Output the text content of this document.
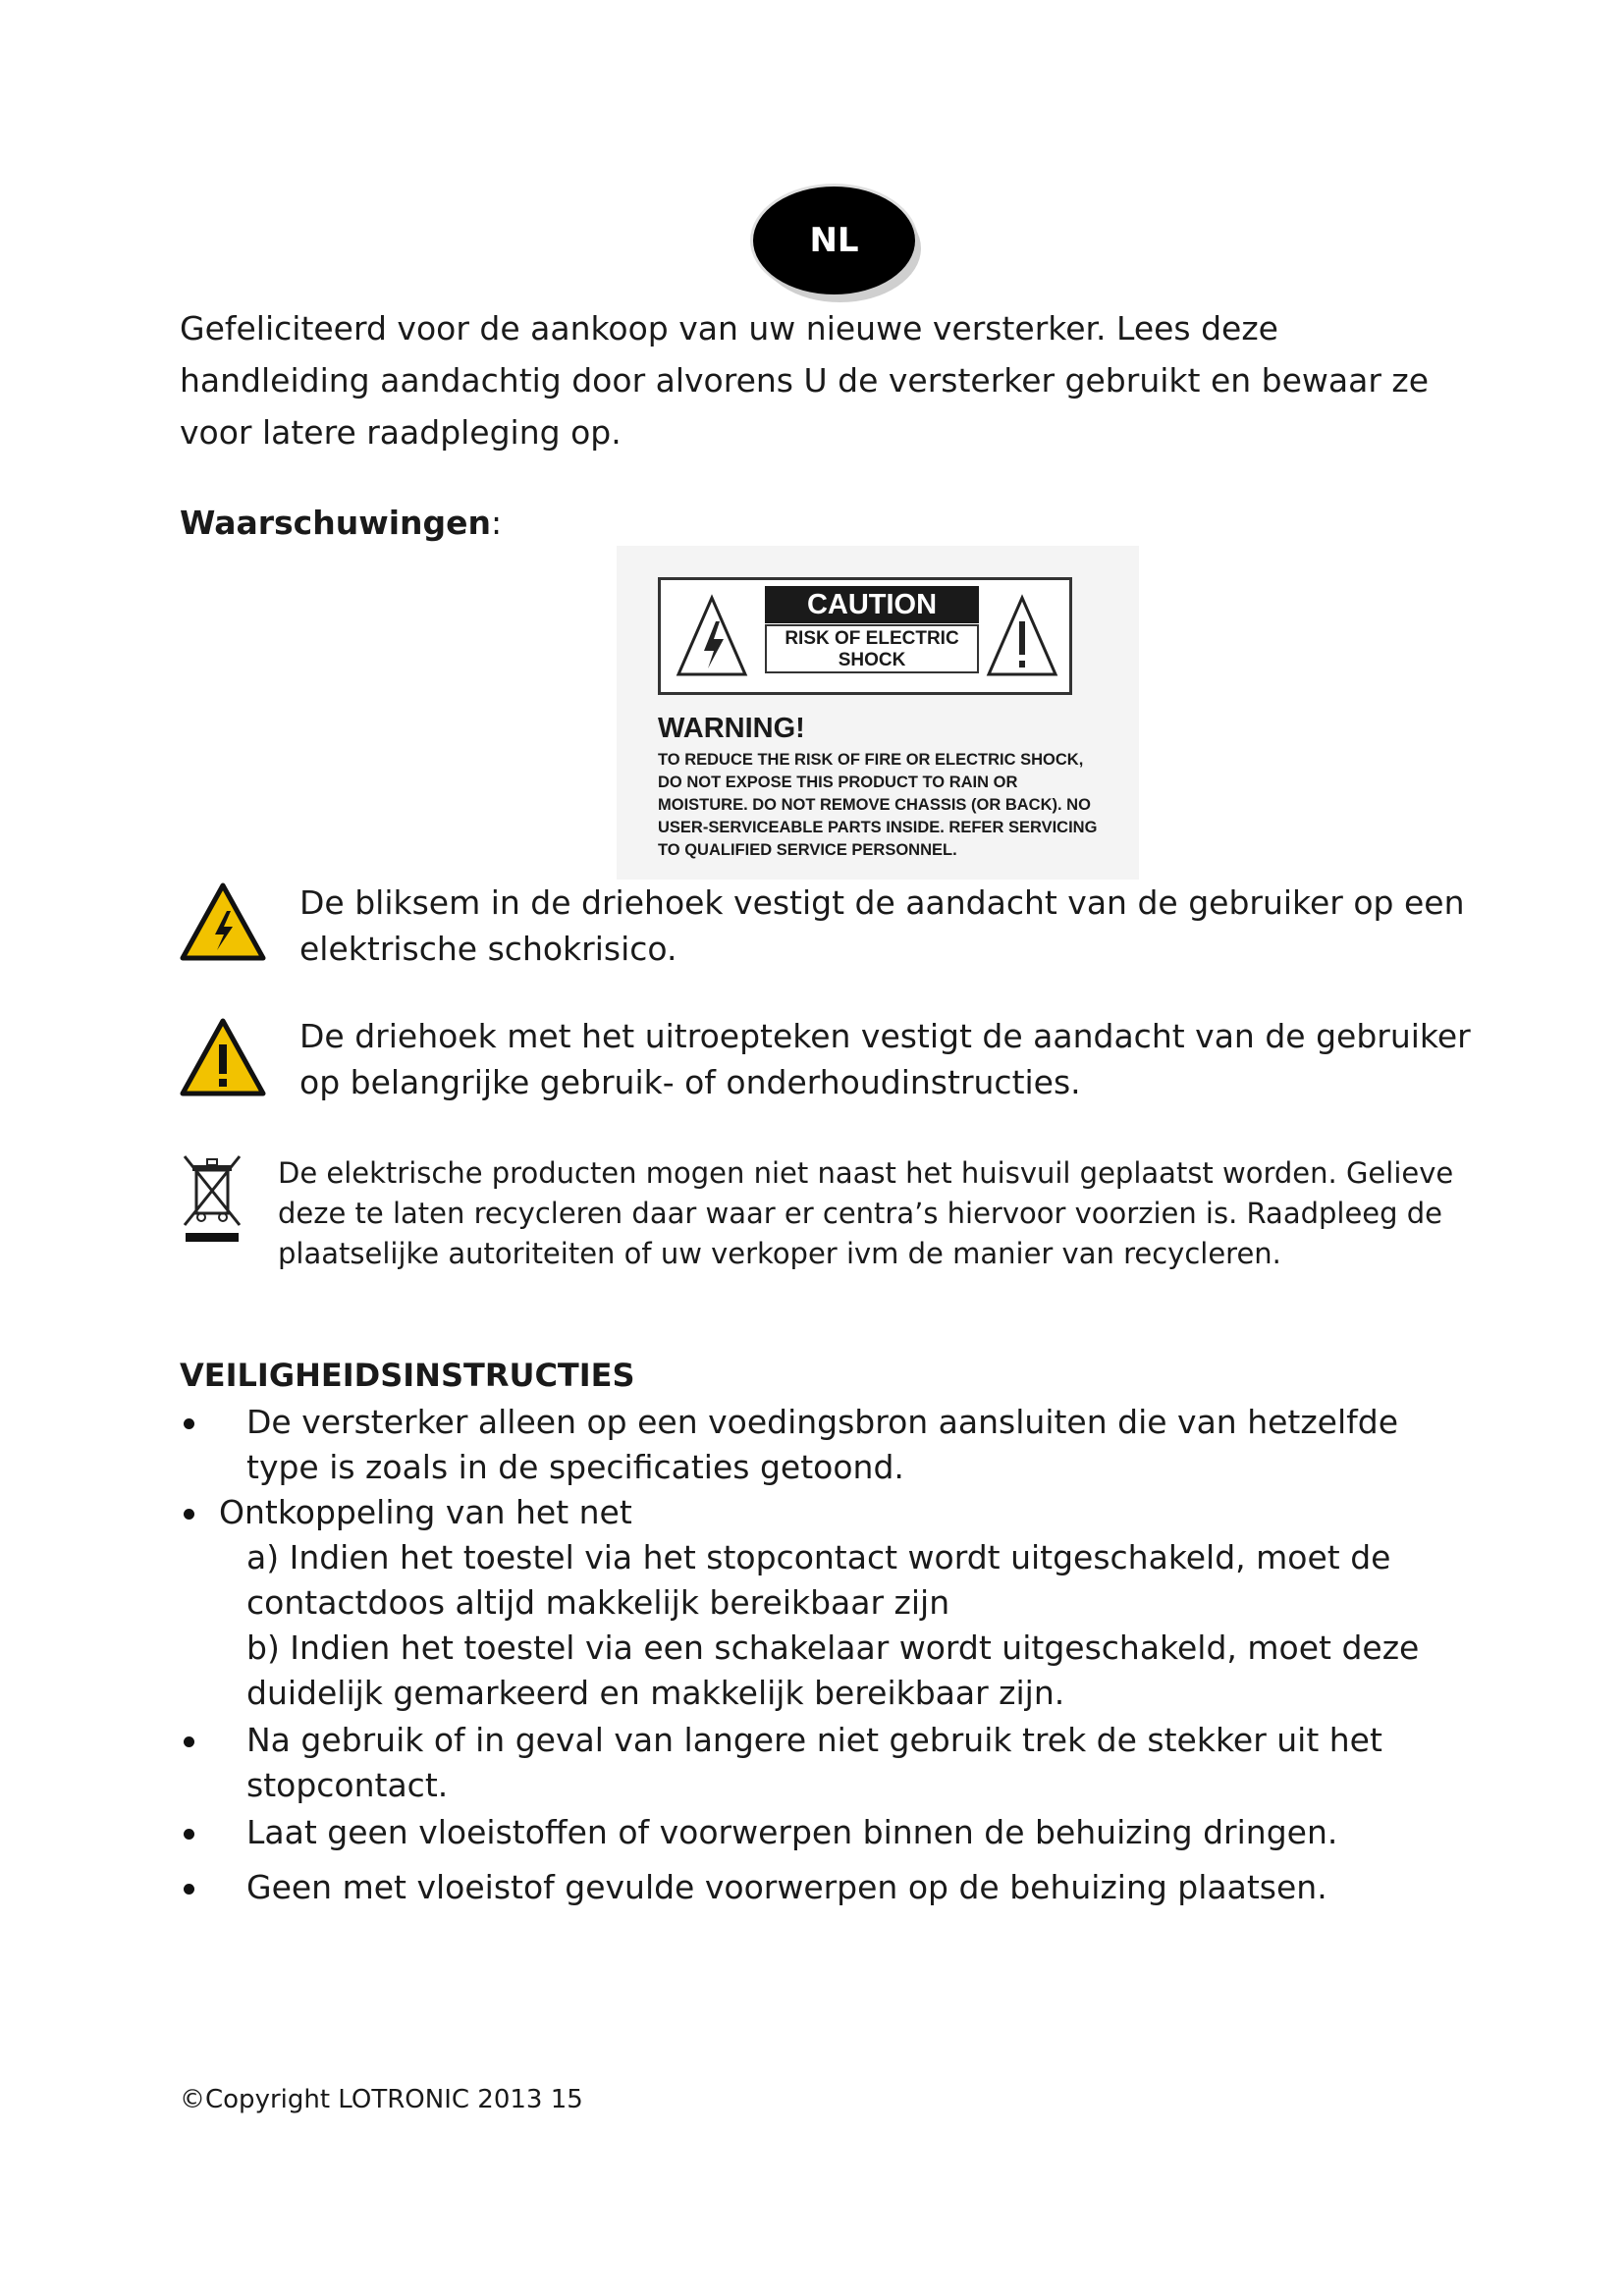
NL
Gefeliciteerd voor de aankoop van uw nieuwe versterker. Lees deze handleiding aandachtig door alvorens U de versterker gebruikt en bewaar ze voor latere raadpleging op.
Waarschuwingen:
CAUTION
RISK OF ELECTRIC SHOCK
WARNING!
TO REDUCE THE RISK OF FIRE OR ELECTRIC SHOCK,
DO NOT EXPOSE THIS PRODUCT TO RAIN OR
MOISTURE. DO NOT REMOVE CHASSIS (OR BACK). NO
USER-SERVICEABLE PARTS INSIDE. REFER SERVICING
TO QUALIFIED SERVICE PERSONNEL.
De bliksem in de driehoek vestigt de aandacht van de gebruiker op een elektrische schokrisico.
De driehoek met het uitroepteken vestigt de aandacht van de gebruiker op belangrijke gebruik- of onderhoudinstructies.
De elektrische producten mogen niet naast het huisvuil geplaatst worden. Gelieve deze te laten recycleren daar waar er centra’s hiervoor voorzien is. Raadpleeg de plaatselijke autoriteiten of uw verkoper ivm de manier van recycleren.
VEILIGHEIDSINSTRUCTIES
De versterker alleen op een voedingsbron aansluiten die van hetzelfde type is zoals in de specificaties getoond.
Ontkoppeling van het net
a) Indien het toestel via het stopcontact wordt uitgeschakeld, moet de contactdoos altijd makkelijk bereikbaar zijn
b) Indien het toestel via een schakelaar wordt uitgeschakeld, moet deze duidelijk gemarkeerd en makkelijk bereikbaar zijn.
Na gebruik of in geval van langere niet gebruik trek de stekker uit het stopcontact.
Laat geen vloeistoffen of voorwerpen binnen de behuizing dringen.
Geen met vloeistof gevulde voorwerpen op de behuizing plaatsen.
©Copyright LOTRONIC 2013 15
